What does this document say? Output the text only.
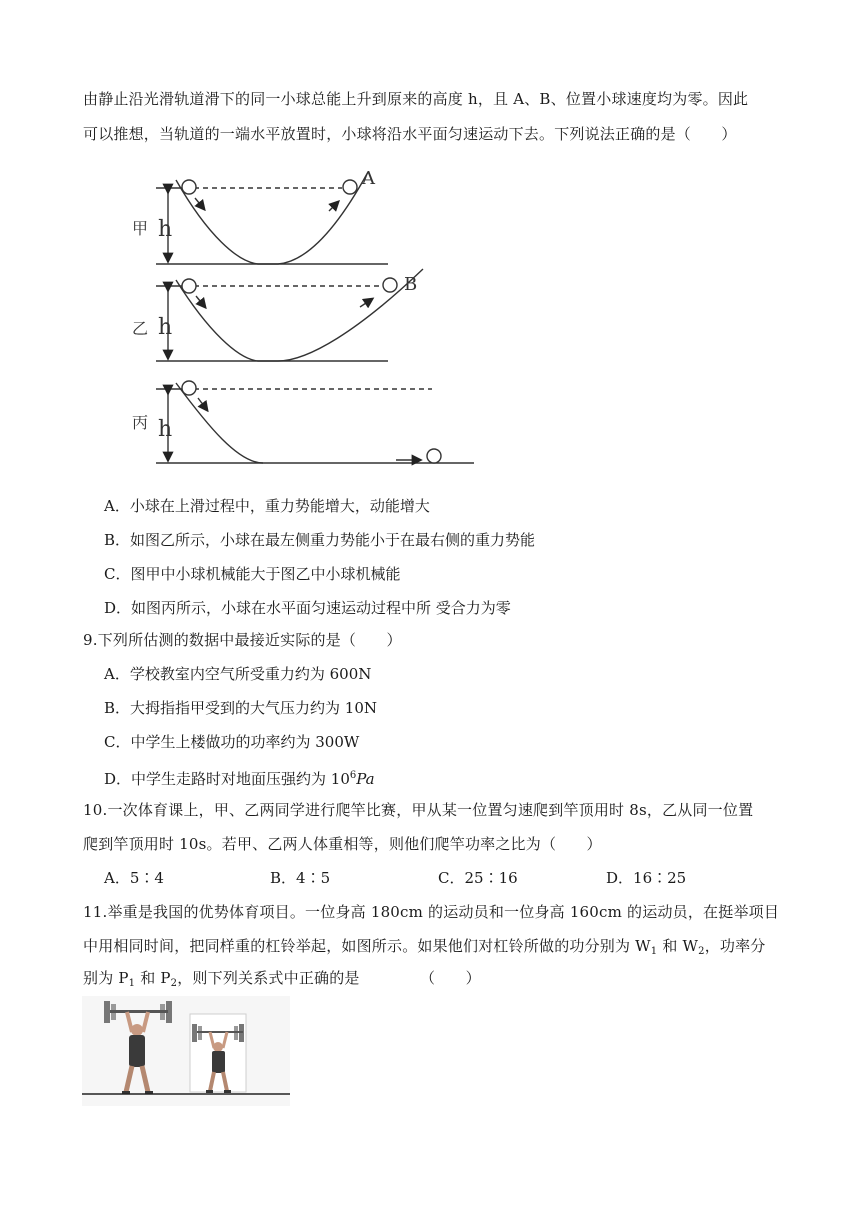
由静止沿光滑轨道滑下的同一小球总能上升到原来的高度 h，且 A、B、位置小球速度均为零。因此
可以推想，当轨道的一端水平放置时，小球将沿水平面匀速运动下去。下列说法正确的是（　　）
甲 h
A
乙 h
B
丙 h
A．小球在上滑过程中，重力势能增大，动能增大
B．如图乙所示，小球在最左侧重力势能小于在最右侧的重力势能
C．图甲中小球机械能大于图乙中小球机械能
D．如图丙所示，小球在水平面匀速运动过程中所 受合力为零
9.下列所估测的数据中最接近实际的是（　　）
A．学校教室内空气所受重力约为 600N
B．大拇指指甲受到的大气压力约为 10N
C．中学生上楼做功的功率约为 300W
D．中学生走路时对地面压强约为 $10^6Pa$
10.一次体育课上，甲、乙两同学进行爬竿比赛，甲从某一位置匀速爬到竿顶用时 8s，乙从同一位置
爬到竿顶用时 10s。若甲、乙两人体重相等，则他们爬竿功率之比为（　　）
A．5∶4	B．4∶5	C．25∶16	D．16∶25
11.举重是我国的优势体育项目。一位身高 180cm 的运动员和一位身高 160cm 的运动员，在挺举项目
中用相同时间，把同样重的杠铃举起，如图所示。如果他们对杠铃所做的功分别为 $W_1$ 和 $W_2$，功率分
别为 $P_1$ 和 $P_2$，则下列关系式中正确的是	（　　）
